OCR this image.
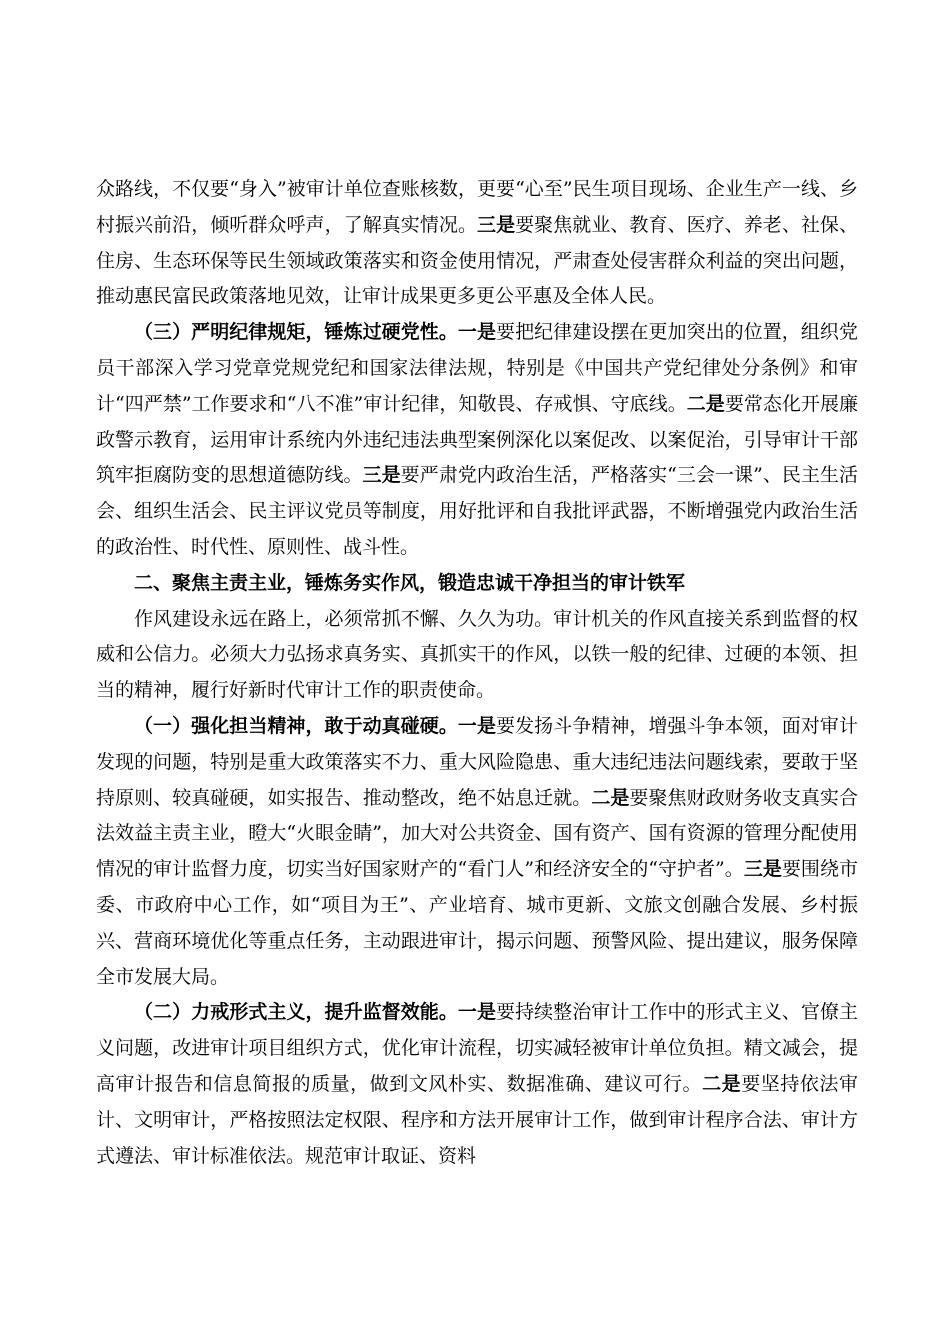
众路线，不仅要“身入”被审计单位查账核数，更要“心至”民生项目现场、企业生产一线、乡村振兴前沿，倾听群众呼声，了解真实情况。三是要聚焦就业、教育、医疗、养老、社保、住房、生态环保等民生领域政策落实和资金使用情况，严肃查处侵害群众利益的突出问题，推动惠民富民政策落地见效，让审计成果更多更公平惠及全体人民。

（三）严明纪律规矩，锤炼过硬党性。一是要把纪律建设摆在更加突出的位置，组织党员干部深入学习党章党规党纪和国家法律法规，特别是《中国共产党纪律处分条例》和审计“四严禁”工作要求和“八不准”审计纪律，知敬畏、存戒惧、守底线。二是要常态化开展廉政警示教育，运用审计系统内外违纪违法典型案例深化以案促改、以案促治，引导审计干部筑牢拒腐防变的思想道德防线。三是要严肃党内政治生活，严格落实“三会一课”、民主生活会、组织生活会、民主评议党员等制度，用好批评和自我批评武器，不断增强党内政治生活的政治性、时代性、原则性、战斗性。

二、聚焦主责主业，锤炼务实作风，锻造忠诚干净担当的审计铁军

作风建设永远在路上，必须常抓不懈、久久为功。审计机关的作风直接关系到监督的权威和公信力。必须大力弘扬求真务实、真抓实干的作风，以铁一般的纪律、过硬的本领、担当的精神，履行好新时代审计工作的职责使命。

（一）强化担当精神，敢于动真碰硬。一是要发扬斗争精神，增强斗争本领，面对审计发现的问题，特别是重大政策落实不力、重大风险隐患、重大违纪违法问题线索，要敢于坚持原则、较真碰硬，如实报告、推动整改，绝不姑息迁就。二是要聚焦财政财务收支真实合法效益主责主业，瞪大“火眼金睛”，加大对公共资金、国有资产、国有资源的管理分配使用情况的审计监督力度，切实当好国家财产的“看门人”和经济安全的“守护者”。三是要围绕市委、市政府中心工作，如“项目为王”、产业培育、城市更新、文旅文创融合发展、乡村振兴、营商环境优化等重点任务，主动跟进审计，揭示问题、预警风险、提出建议，服务保障全市发展大局。

（二）力戒形式主义，提升监督效能。一是要持续整治审计工作中的形式主义、官僚主义问题，改进审计项目组织方式，优化审计流程，切实减轻被审计单位负担。精文减会，提高审计报告和信息简报的质量，做到文风朴实、数据准确、建议可行。二是要坚持依法审计、文明审计，严格按照法定权限、程序和方法开展审计工作，做到审计程序合法、审计方式遵法、审计标准依法。规范审计取证、资料
